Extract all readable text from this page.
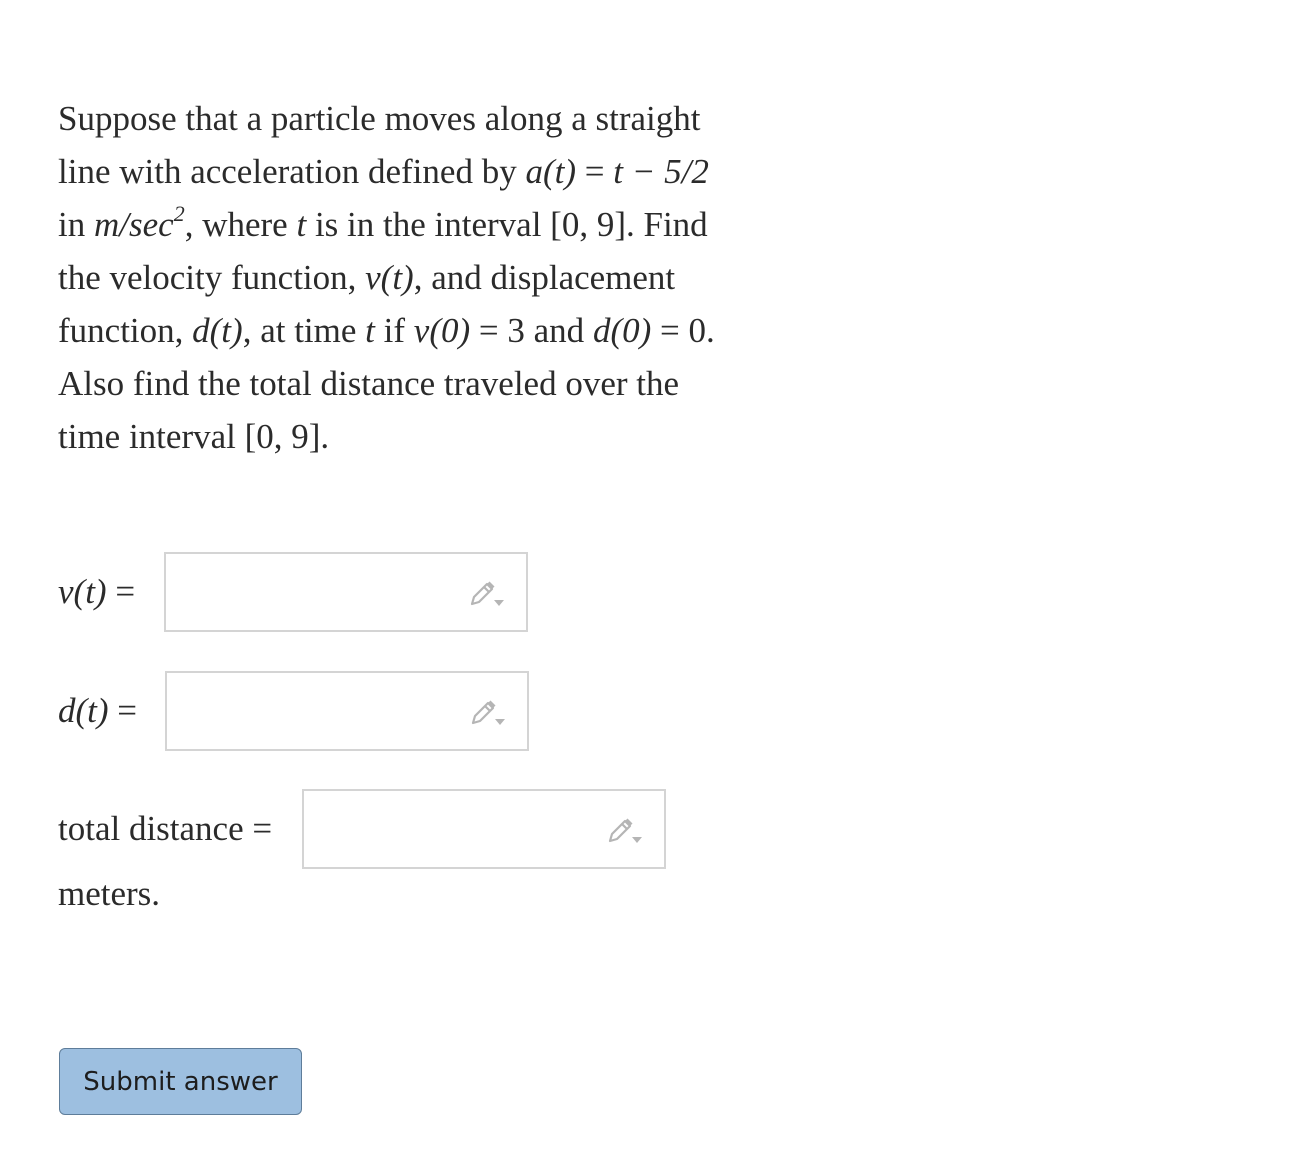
Suppose that a particle moves along a straight line with acceleration defined by a(t) = t − 5/2 in $m/\sec^2$, where t is in the interval [0, 9]. Find the velocity function, v(t), and displacement function, d(t), at time t if v(0) = 3 and d(0) = 0. Also find the total distance traveled over the time interval [0, 9].

v(t) =
d(t) =
total distance =
meters.
Submit answer
